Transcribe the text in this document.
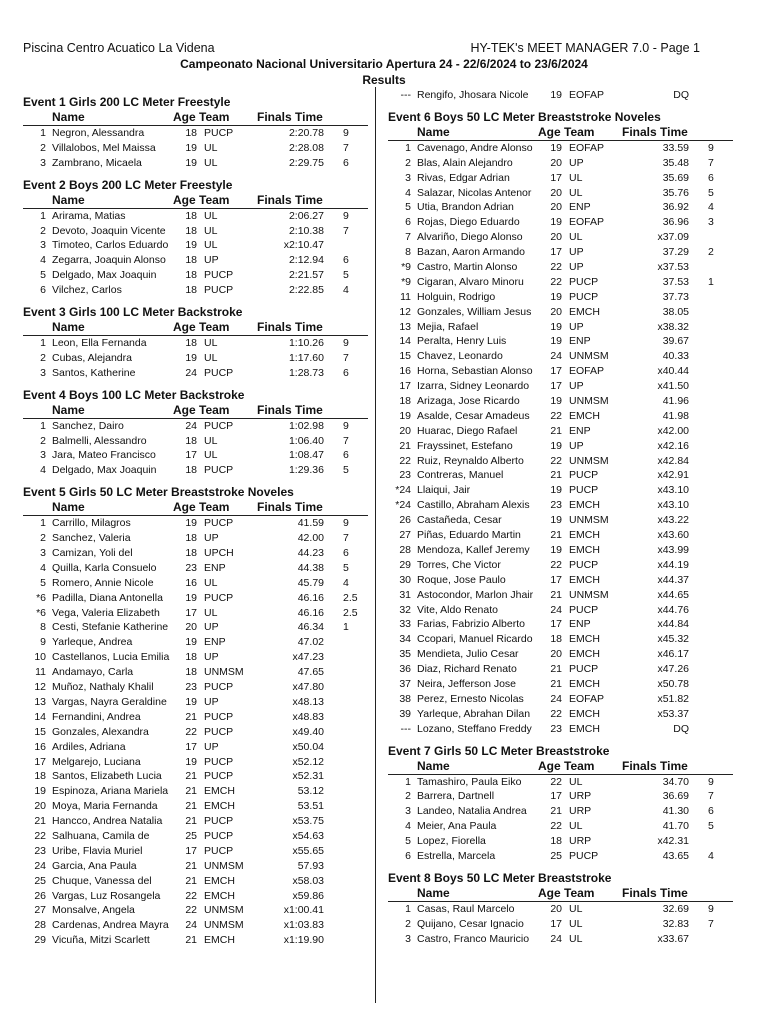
Piscina Centro Acuatico La Videna	HY-TEK's MEET MANAGER 7.0 - Page 1
Campeonato Nacional Universitario Apertura 24 - 22/6/2024 to 23/6/2024
Results
Event 1 Girls 200 LC Meter Freestyle
Name	Age Team Finals Time
1 Negron, Alessandra	18 PUCP	2:20.78 9
2 Villalobos, Mel Maissa	19 UL	2:28.08 7
3 Zambrano, Micaela	19 UL	2:29.75 6
Event 2 Boys 200 LC Meter Freestyle
Name	Age Team Finals Time
1 Arirama, Matias	18 UL	2:06.27 9
2 Devoto, Joaquin Vicente	18 UL	2:10.38 7
3 Timoteo, Carlos Eduardo	19 UL	x2:10.47
4 Zegarra, Joaquin Alonso	18 UP	2:12.94 6
5 Delgado, Max Joaquin	18 PUCP	2:21.57 5
6 Vilchez, Carlos	18 PUCP	2:22.85 4
Event 3 Girls 100 LC Meter Backstroke
Name	Age Team Finals Time
1 Leon, Ella Fernanda	18 UL	1:10.26 9
2 Cubas, Alejandra	19 UL	1:17.60 7
3 Santos, Katherine	24 PUCP	1:28.73 6
Event 4 Boys 100 LC Meter Backstroke
Name	Age Team Finals Time
1 Sanchez, Dairo	24 PUCP	1:02.98 9
2 Balmelli, Alessandro	18 UL	1:06.40 7
3 Jara, Mateo Francisco	17 UL	1:08.47 6
4 Delgado, Max Joaquin	18 PUCP	1:29.36 5
Event 5 Girls 50 LC Meter Breaststroke Noveles
Name	Age Team Finals Time
1 Carrillo, Milagros	19 PUCP	41.59 9
2 Sanchez, Valeria	18 UP	42.00 7
3 Camizan, Yoli del	18 UPCH	44.23 6
4 Quilla, Karla Consuelo	23 ENP	44.38 5
5 Romero, Annie Nicole	16 UL	45.79 4
*6 Padilla, Diana Antonella	19 PUCP	46.16 2.5
*6 Vega, Valeria Elizabeth	17 UL	46.16 2.5
8 Cesti, Stefanie Katherine	20 UP	46.34 1
9 Yarleque, Andrea	19 ENP	47.02
10 Castellanos, Lucia Emilia	18 UP	x47.23
11 Andamayo, Carla	18 UNMSM	47.65
12 Muñoz, Nathaly Khalil	23 PUCP	x47.80
13 Vargas, Nayra Geraldine	19 UP	x48.13
14 Fernandini, Andrea	21 PUCP	x48.83
15 Gonzales, Alexandra	22 PUCP	x49.40
16 Ardiles, Adriana	17 UP	x50.04
17 Melgarejo, Luciana	19 PUCP	x52.12
18 Santos, Elizabeth Lucia	21 PUCP	x52.31
19 Espinoza, Ariana Mariela	21 EMCH	53.12
20 Moya, Maria Fernanda	21 EMCH	53.51
21 Hancco, Andrea Natalia	21 PUCP	x53.75
22 Salhuana, Camila de	25 PUCP	x54.63
23 Uribe, Flavia Muriel	17 PUCP	x55.65
24 Garcia, Ana Paula	21 UNMSM	57.93
25 Chuque, Vanessa del	21 EMCH	x58.03
26 Vargas, Luz Rosangela	22 EMCH	x59.86
27 Monsalve, Angela	22 UNMSM	x1:00.41
28 Cardenas, Andrea Mayra	24 UNMSM	x1:03.83
29 Vicuña, Mitzi Scarlett	21 EMCH	x1:19.90
--- Rengifo, Jhosara Nicole	19 EOFAP	DQ
Event 6 Boys 50 LC Meter Breaststroke Noveles
Name	Age Team Finals Time
1 Cavenago, Andre Alonso	19 EOFAP	33.59 9
2 Blas, Alain Alejandro	20 UP	35.48 7
3 Rivas, Edgar Adrian	17 UL	35.69 6
4 Salazar, Nicolas Antenor	20 UL	35.76 5
5 Utia, Brandon Adrian	20 ENP	36.92 4
6 Rojas, Diego Eduardo	19 EOFAP	36.96 3
7 Alvariño, Diego Alonso	20 UL	x37.09
8 Bazan, Aaron Armando	17 UP	37.29 2
*9 Castro, Martin Alonso	22 UP	x37.53
*9 Cigaran, Alvaro Minoru	22 PUCP	37.53 1
11 Holguin, Rodrigo	19 PUCP	37.73
12 Gonzales, William Jesus	20 EMCH	38.05
13 Mejia, Rafael	19 UP	x38.32
14 Peralta, Henry Luis	19 ENP	39.67
15 Chavez, Leonardo	24 UNMSM	40.33
16 Horna, Sebastian Alonso	17 EOFAP	x40.44
17 Izarra, Sidney Leonardo	17 UP	x41.50
18 Arizaga, Jose Ricardo	19 UNMSM	41.96
19 Asalde, Cesar Amadeus	22 EMCH	41.98
20 Huarac, Diego Rafael	21 ENP	x42.00
21 Frayssinet, Estefano	19 UP	x42.16
22 Ruiz, Reynaldo Alberto	22 UNMSM	x42.84
23 Contreras, Manuel	21 PUCP	x42.91
*24 Llaiqui, Jair	19 PUCP	x43.10
*24 Castillo, Abraham Alexis	23 EMCH	x43.10
26 Castañeda, Cesar	19 UNMSM	x43.22
27 Piñas, Eduardo Martin	21 EMCH	x43.60
28 Mendoza, Kallef Jeremy	19 EMCH	x43.99
29 Torres, Che Victor	22 PUCP	x44.19
30 Roque, Jose Paulo	17 EMCH	x44.37
31 Astocondor, Marlon Jhair	21 UNMSM	x44.65
32 Vite, Aldo Renato	24 PUCP	x44.76
33 Farias, Fabrizio Alberto	17 ENP	x44.84
34 Ccopari, Manuel Ricardo	18 EMCH	x45.32
35 Mendieta, Julio Cesar	20 EMCH	x46.17
36 Diaz, Richard Renato	21 PUCP	x47.26
37 Neira, Jefferson Jose	21 EMCH	x50.78
38 Perez, Ernesto Nicolas	24 EOFAP	x51.82
39 Yarleque, Abrahan Dilan	22 EMCH	x53.37
--- Lozano, Steffano Freddy	23 EMCH	DQ
Event 7 Girls 50 LC Meter Breaststroke
Name	Age Team Finals Time
1 Tamashiro, Paula Eiko	22 UL	34.70 9
2 Barrera, Dartnell	17 URP	36.69 7
3 Landeo, Natalia Andrea	21 URP	41.30 6
4 Meier, Ana Paula	22 UL	41.70 5
5 Lopez, Fiorella	18 URP	x42.31
6 Estrella, Marcela	25 PUCP	43.65 4
Event 8 Boys 50 LC Meter Breaststroke
Name	Age Team Finals Time
1 Casas, Raul Marcelo	20 UL	32.69 9
2 Quijano, Cesar Ignacio	17 UL	32.83 7
3 Castro, Franco Mauricio	24 UL	x33.67
